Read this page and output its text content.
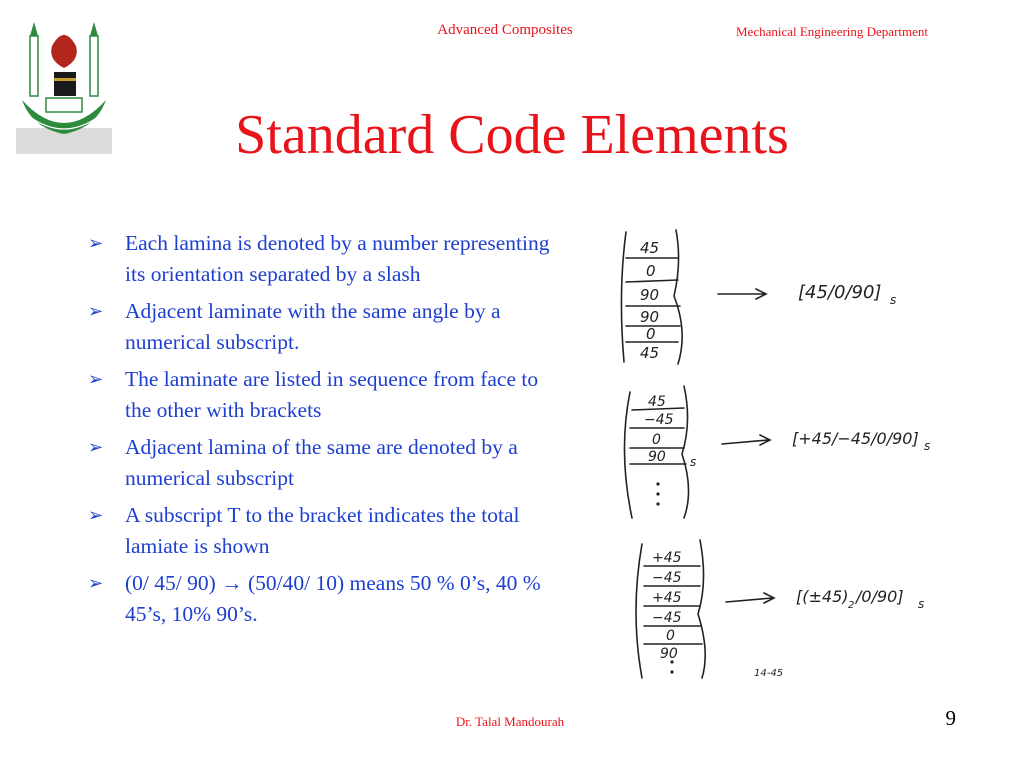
Advanced Composites	Mechanical Engineering Department
Standard Code Elements
➢ Each lamina is denoted by a number representing its orientation separated by a slash
➢ Adjacent laminate with the same angle by a numerical subscript.
➢ The laminate are listed in sequence from face to the other with brackets
➢ Adjacent lamina of the same are denoted by a numerical subscript
➢ A subscript T to the bracket indicates the total lamiate is shown
➢ (0/ 45/ 90) → (50/40/ 10) means 50 % 0’s, 40 % 45’s, 10% 90’s.
45
0
90
90
0
45
[45/0/90] s
45
−45
0
90 s
[+45/−45/0/90] s
+45
−45
+45
−45
0
90
[(±45) 2 /0/90] s
14-45
Dr. Talal Mandourah	9
